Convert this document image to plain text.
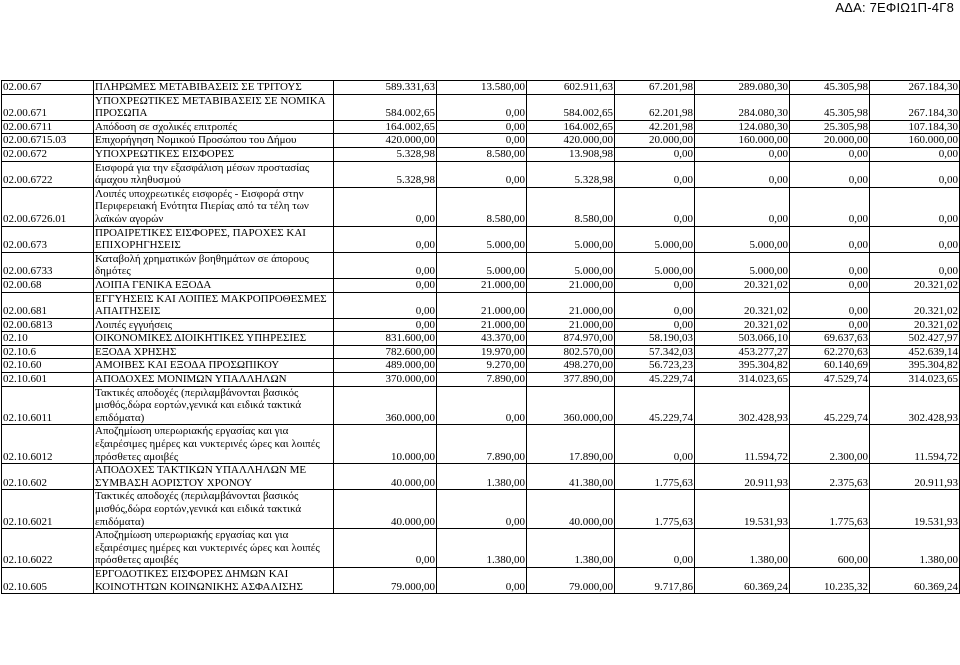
ΑΔΑ: 7ΕΦΙΩ1Π-4Γ8
02.00.67	ΠΛΗΡΩΜΕΣ ΜΕΤΑΒΙΒΑΣΕΙΣ ΣΕ ΤΡΙΤΟΥΣ	589.331,63	13.580,00	602.911,63	67.201,98	289.080,30	45.305,98	267.184,30
02.00.671	ΥΠΟΧΡΕΩΤΙΚΕΣ ΜΕΤΑΒΙΒΑΣΕΙΣ ΣΕ ΝΟΜΙΚΑ ΠΡΟΣΩΠΑ	584.002,65	0,00	584.002,65	62.201,98	284.080,30	45.305,98	267.184,30
02.00.6711	Απόδοση σε σχολικές επιτροπές	164.002,65	0,00	164.002,65	42.201,98	124.080,30	25.305,98	107.184,30
02.00.6715.03	Επιχορήγηση Νομικού Προσώπου του Δήμου	420.000,00	0,00	420.000,00	20.000,00	160.000,00	20.000,00	160.000,00
02.00.672	ΥΠΟΧΡΕΩΤΙΚΕΣ ΕΙΣΦΟΡΕΣ	5.328,98	8.580,00	13.908,98	0,00	0,00	0,00	0,00
02.00.6722	Εισφορά για την εξασφάλιση μέσων προστασίας άμαχου πληθυσμού	5.328,98	0,00	5.328,98	0,00	0,00	0,00	0,00
02.00.6726.01	Λοιπές υποχρεωτικές εισφορές - Εισφορά στην Περιφερειακή Ενότητα Πιερίας από τα τέλη των λαϊκών αγορών	0,00	8.580,00	8.580,00	0,00	0,00	0,00	0,00
02.00.673	ΠΡΟΑΙΡΕΤΙΚΕΣ ΕΙΣΦΟΡΕΣ, ΠΑΡΟΧΕΣ ΚΑΙ ΕΠΙΧΟΡΗΓΗΣΕΙΣ	0,00	5.000,00	5.000,00	5.000,00	5.000,00	0,00	0,00
02.00.6733	Καταβολή χρηματικών βοηθημάτων σε άπορους δημότες	0,00	5.000,00	5.000,00	5.000,00	5.000,00	0,00	0,00
02.00.68	ΛΟΙΠΑ ΓΕΝΙΚΑ ΕΞΟΔΑ	0,00	21.000,00	21.000,00	0,00	20.321,02	0,00	20.321,02
02.00.681	ΕΓΓΥΗΣΕΙΣ ΚΑΙ ΛΟΙΠΕΣ ΜΑΚΡΟΠΡΟΘΕΣΜΕΣ ΑΠΑΙΤΗΣΕΙΣ	0,00	21.000,00	21.000,00	0,00	20.321,02	0,00	20.321,02
02.00.6813	Λοιπές εγγυήσεις	0,00	21.000,00	21.000,00	0,00	20.321,02	0,00	20.321,02
02.10	ΟΙΚΟΝΟΜΙΚΕΣ ΔΙΟΙΚΗΤΙΚΕΣ ΥΠΗΡΕΣΙΕΣ	831.600,00	43.370,00	874.970,00	58.190,03	503.066,10	69.637,63	502.427,97
02.10.6	ΕΞΟΔΑ ΧΡΗΣΗΣ	782.600,00	19.970,00	802.570,00	57.342,03	453.277,27	62.270,63	452.639,14
02.10.60	ΑΜΟΙΒΕΣ ΚΑΙ ΕΞΟΔΑ ΠΡΟΣΩΠΙΚΟΥ	489.000,00	9.270,00	498.270,00	56.723,23	395.304,82	60.140,69	395.304,82
02.10.601	ΑΠΟΔΟΧΕΣ ΜΟΝΙΜΩΝ ΥΠΑΛΛΗΛΩΝ	370.000,00	7.890,00	377.890,00	45.229,74	314.023,65	47.529,74	314.023,65
02.10.6011	Τακτικές αποδοχές (περιλαμβάνονται βασικός μισθός,δώρα εορτών,γενικά και ειδικά τακτικά επιδόματα)	360.000,00	0,00	360.000,00	45.229,74	302.428,93	45.229,74	302.428,93
02.10.6012	Αποζημίωση υπερωριακής εργασίας και για εξαιρέσιμες ημέρες και νυκτερινές ώρες και λοιπές πρόσθετες αμοιβές	10.000,00	7.890,00	17.890,00	0,00	11.594,72	2.300,00	11.594,72
02.10.602	ΑΠΟΔΟΧΕΣ ΤΑΚΤΙΚΩΝ ΥΠΑΛΛΗΛΩΝ ΜΕ ΣΥΜΒΑΣΗ ΑΟΡΙΣΤΟΥ ΧΡΟΝΟΥ	40.000,00	1.380,00	41.380,00	1.775,63	20.911,93	2.375,63	20.911,93
02.10.6021	Τακτικές αποδοχές (περιλαμβάνονται βασικός μισθός,δώρα εορτών,γενικά και ειδικά τακτικά επιδόματα)	40.000,00	0,00	40.000,00	1.775,63	19.531,93	1.775,63	19.531,93
02.10.6022	Αποζημίωση υπερωριακής εργασίας και για εξαιρέσιμες ημέρες και νυκτερινές ώρες και λοιπές πρόσθετες αμοιβές	0,00	1.380,00	1.380,00	0,00	1.380,00	600,00	1.380,00
02.10.605	ΕΡΓΟΔΟΤΙΚΕΣ ΕΙΣΦΟΡΕΣ ΔΗΜΩΝ ΚΑΙ ΚΟΙΝΟΤΗΤΩΝ ΚΟΙΝΩΝΙΚΗΣ ΑΣΦΑΛΙΣΗΣ	79.000,00	0,00	79.000,00	9.717,86	60.369,24	10.235,32	60.369,24
